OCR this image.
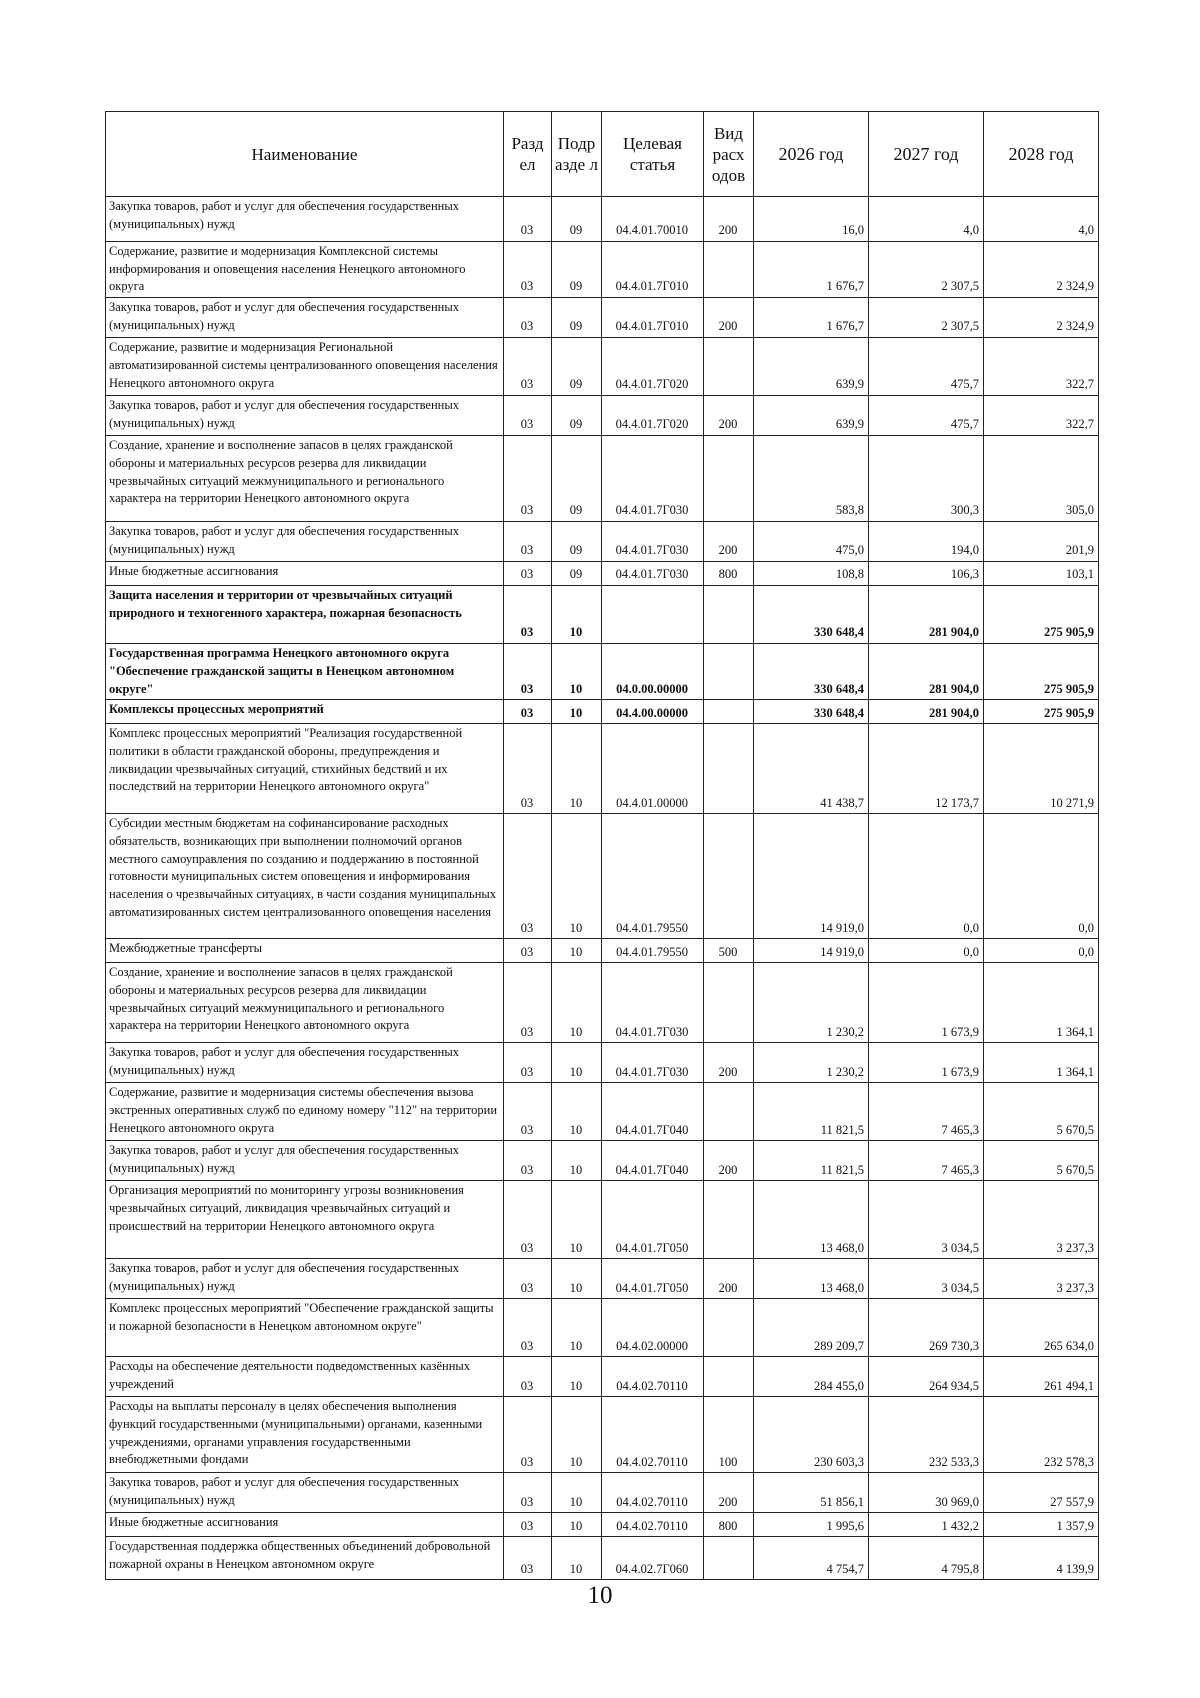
Наименование	Разд ел	Подр азде л	Целевая статья	Вид расх одов	2026 год	2027 год	2028 год
Закупка товаров, работ и услуг для обеспечения государственных (муниципальных) нужд	03	09	04.4.01.70010	200	16,0	4,0	4,0
Содержание, развитие и модернизация Комплексной системы информирования и оповещения населения Ненецкого автономного округа	03	09	04.4.01.7Г010		1 676,7	2 307,5	2 324,9
Закупка товаров, работ и услуг для обеспечения государственных (муниципальных) нужд	03	09	04.4.01.7Г010	200	1 676,7	2 307,5	2 324,9
Содержание, развитие и модернизация Региональной автоматизированной системы централизованного оповещения населения Ненецкого автономного округа	03	09	04.4.01.7Г020		639,9	475,7	322,7
Закупка товаров, работ и услуг для обеспечения государственных (муниципальных) нужд	03	09	04.4.01.7Г020	200	639,9	475,7	322,7
Создание, хранение и восполнение запасов в целях гражданской обороны и материальных ресурсов резерва для ликвидации чрезвычайных ситуаций межмуниципального и регионального характера на территории Ненецкого автономного округа	03	09	04.4.01.7Г030		583,8	300,3	305,0
Закупка товаров, работ и услуг для обеспечения государственных (муниципальных) нужд	03	09	04.4.01.7Г030	200	475,0	194,0	201,9
Иные бюджетные ассигнования	03	09	04.4.01.7Г030	800	108,8	106,3	103,1
Защита населения и территории от чрезвычайных ситуаций природного и техногенного характера, пожарная безопасность	03	10			330 648,4	281 904,0	275 905,9
Государственная программа Ненецкого автономного округа "Обеспечение гражданской защиты в Ненецком автономном округе"	03	10	04.0.00.00000		330 648,4	281 904,0	275 905,9
Комплексы процессных мероприятий	03	10	04.4.00.00000		330 648,4	281 904,0	275 905,9
Комплекс процессных мероприятий "Реализация государственной политики в области гражданской обороны, предупреждения и ликвидации чрезвычайных ситуаций, стихийных бедствий и их последствий на территории Ненецкого автономного округа"	03	10	04.4.01.00000		41 438,7	12 173,7	10 271,9
Субсидии местным бюджетам на софинансирование расходных обязательств, возникающих при выполнении полномочий органов местного самоуправления по созданию и поддержанию в постоянной готовности муниципальных систем оповещения и информирования населения о чрезвычайных ситуациях, в части создания муниципальных автоматизированных систем централизованного оповещения населения	03	10	04.4.01.79550		14 919,0	0,0	0,0
Межбюджетные трансферты	03	10	04.4.01.79550	500	14 919,0	0,0	0,0
Создание, хранение и восполнение запасов в целях гражданской обороны и материальных ресурсов резерва для ликвидации чрезвычайных ситуаций межмуниципального и регионального характера на территории Ненецкого автономного округа	03	10	04.4.01.7Г030		1 230,2	1 673,9	1 364,1
Закупка товаров, работ и услуг для обеспечения государственных (муниципальных) нужд	03	10	04.4.01.7Г030	200	1 230,2	1 673,9	1 364,1
Содержание, развитие и модернизация системы обеспечения вызова экстренных оперативных служб по единому номеру "112" на территории Ненецкого автономного округа	03	10	04.4.01.7Г040		11 821,5	7 465,3	5 670,5
Закупка товаров, работ и услуг для обеспечения государственных (муниципальных) нужд	03	10	04.4.01.7Г040	200	11 821,5	7 465,3	5 670,5
Организация мероприятий по мониторингу угрозы возникновения чрезвычайных ситуаций, ликвидация чрезвычайных ситуаций и происшествий на территории Ненецкого автономного округа	03	10	04.4.01.7Г050		13 468,0	3 034,5	3 237,3
Закупка товаров, работ и услуг для обеспечения государственных (муниципальных) нужд	03	10	04.4.01.7Г050	200	13 468,0	3 034,5	3 237,3
Комплекс процессных мероприятий "Обеспечение гражданской защиты и пожарной безопасности в Ненецком автономном округе"	03	10	04.4.02.00000		289 209,7	269 730,3	265 634,0
Расходы на обеспечение деятельности подведомственных казённых учреждений	03	10	04.4.02.70110		284 455,0	264 934,5	261 494,1
Расходы на выплаты персоналу в целях обеспечения выполнения функций государственными (муниципальными) органами, казенными учреждениями, органами управления государственными внебюджетными фондами	03	10	04.4.02.70110	100	230 603,3	232 533,3	232 578,3
Закупка товаров, работ и услуг для обеспечения государственных (муниципальных) нужд	03	10	04.4.02.70110	200	51 856,1	30 969,0	27 557,9
Иные бюджетные ассигнования	03	10	04.4.02.70110	800	1 995,6	1 432,2	1 357,9
Государственная поддержка общественных объединений добровольной пожарной охраны в Ненецком автономном округе	03	10	04.4.02.7Г060		4 754,7	4 795,8	4 139,9
10
